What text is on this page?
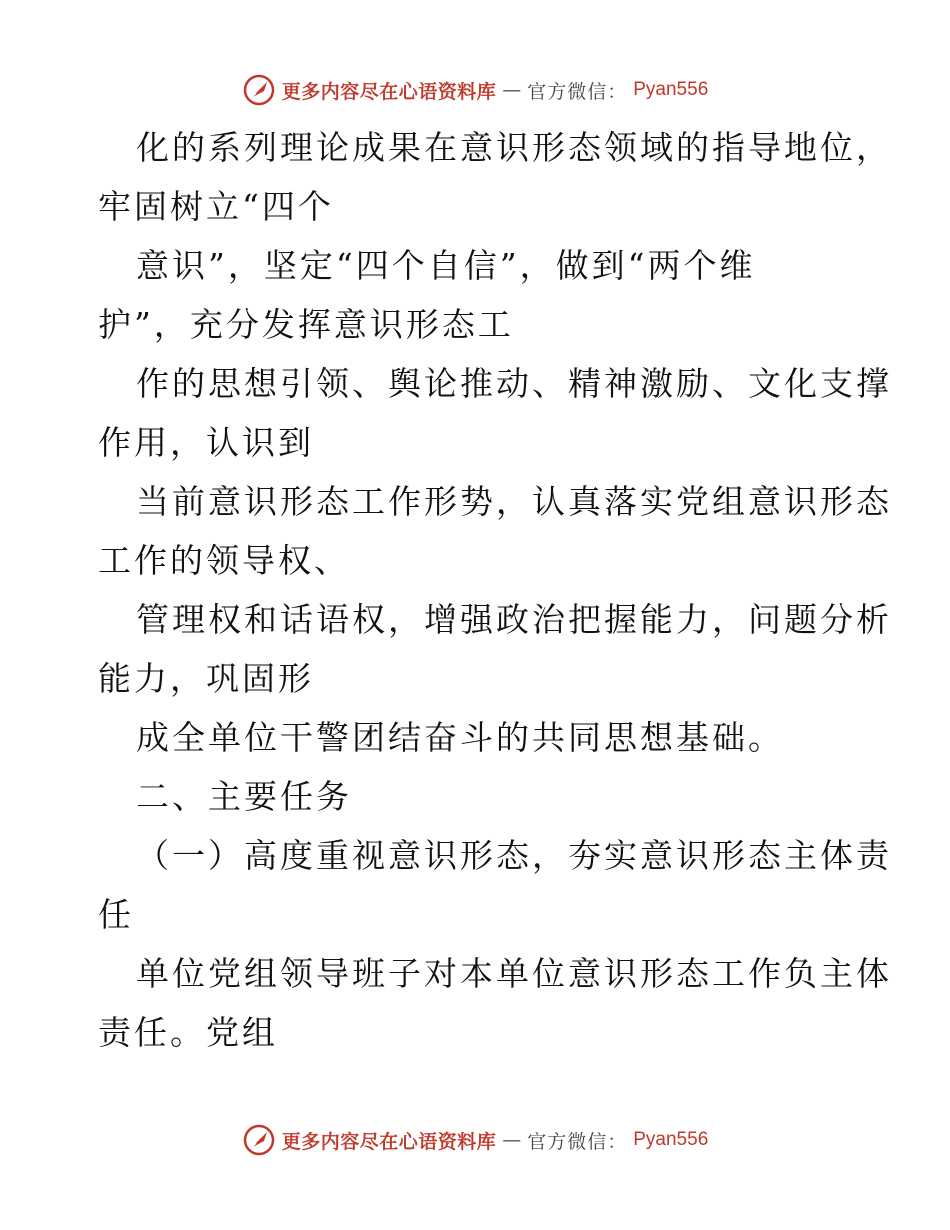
更多内容尽在心语资料库 — 官方微信： Pyan556
化的系列理论成果在意识形态领域的指导地位，
牢固树立“四个
意识”，坚定“四个自信”，做到“两个维
护”，充分发挥意识形态工
作的思想引领、舆论推动、精神激励、文化支撑
作用，认识到
当前意识形态工作形势，认真落实党组意识形态
工作的领导权、
管理权和话语权，增强政治把握能力，问题分析
能力，巩固形
成全单位干警团结奋斗的共同思想基础。
二、主要任务
（一）高度重视意识形态，夯实意识形态主体责
任
单位党组领导班子对本单位意识形态工作负主体
责任。党组
更多内容尽在心语资料库 — 官方微信： Pyan556
